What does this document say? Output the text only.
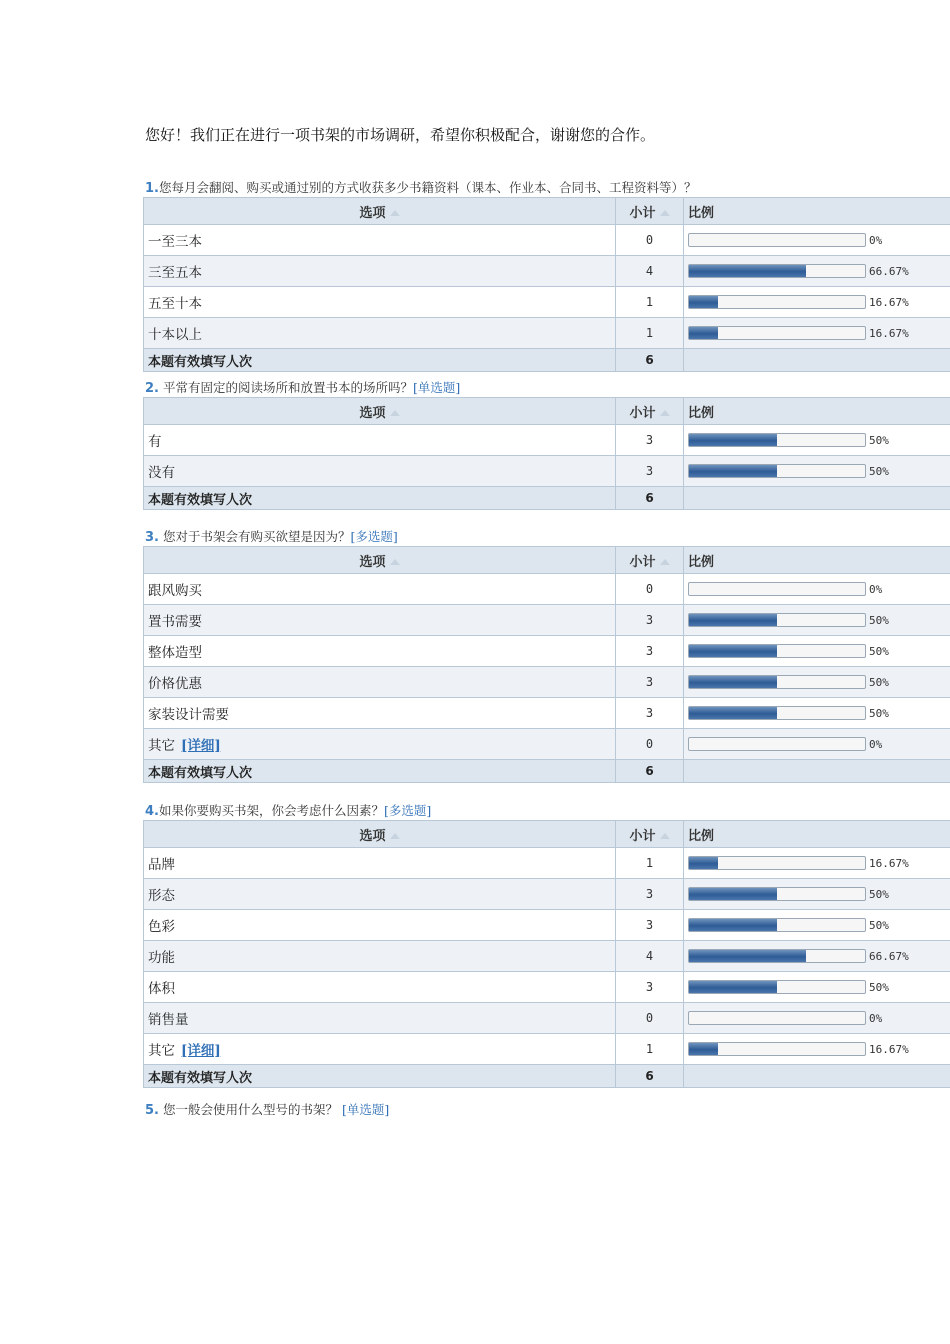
您好！我们正在进行一项书架的市场调研，希望你积极配合，谢谢您的合作。
1.您每月会翻阅、购买或通过别的方式收获多少书籍资料（课本、作业本、合同书、工程资料等）？
选项	小计	比例
一至三本	0	0%
三至五本	4	66.67%
五至十本	1	16.67%
十本以上	1	16.67%
本题有效填写人次	6	
2. 平常有固定的阅读场所和放置书本的场所吗？[单选题]
选项	小计	比例
有	3	50%
没有	3	50%
本题有效填写人次	6	
3. 您对于书架会有购买欲望是因为？[多选题]
选项	小计	比例
跟风购买	0	0%
置书需要	3	50%
整体造型	3	50%
价格优惠	3	50%
家装设计需要	3	50%
其它 [详细]	0	0%
本题有效填写人次	6	
4.如果你要购买书架，你会考虑什么因素？[多选题]
选项	小计	比例
品牌	1	16.67%
形态	3	50%
色彩	3	50%
功能	4	66.67%
体积	3	50%
销售量	0	0%
其它 [详细]	1	16.67%
本题有效填写人次	6	
5. 您一般会使用什么型号的书架？ [单选题]
